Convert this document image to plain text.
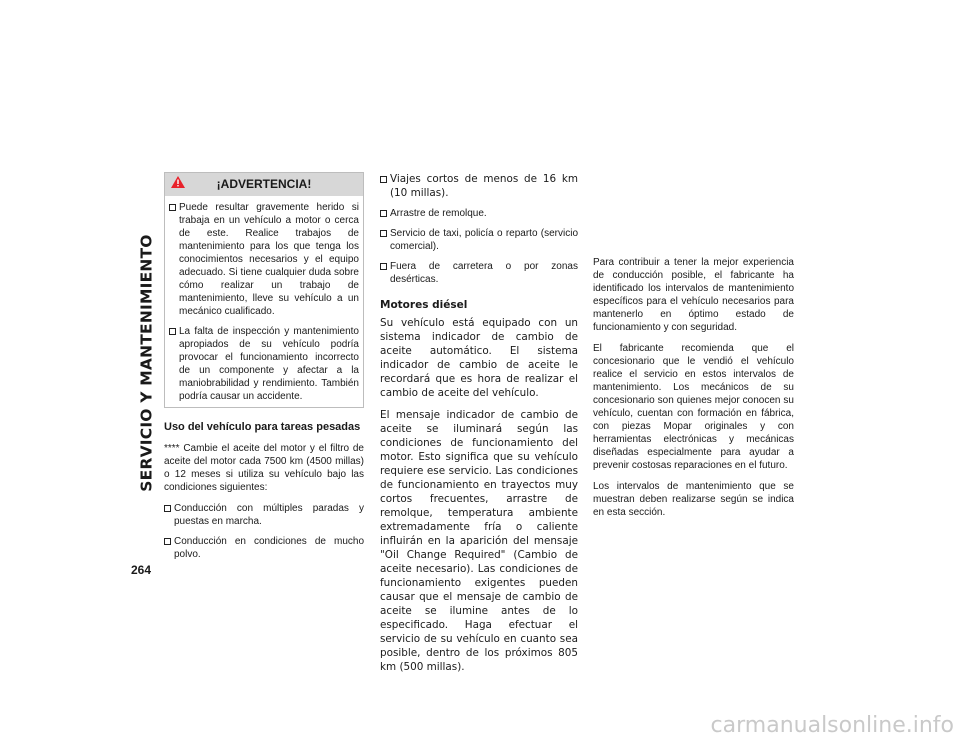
SERVICIO Y MANTENIMIENTO
264
¡ADVERTENCIA!
Puede resultar gravemente herido si trabaja en un vehículo a motor o cerca de este. Realice trabajos de mantenimiento para los que tenga los conocimientos necesarios y el equipo adecuado. Si tiene cualquier duda sobre cómo realizar un trabajo de mantenimiento, lleve su vehículo a un mecánico cualificado.
La falta de inspección y mantenimiento apropiados de su vehículo podría provocar el funcionamiento incorrecto de un componente y afectar a la maniobrabilidad y rendimiento. También podría causar un accidente.
Uso del vehículo para tareas pesadas

**** Cambie el aceite del motor y el filtro de aceite del motor cada 7500 km (4500 millas) o 12 meses si utiliza su vehículo bajo las condiciones siguientes:

Conducción con múltiples paradas y puestas en marcha.
Conducción en condiciones de mucho polvo.
Viajes cortos de menos de 16 km (10 millas).
Arrastre de remolque.
Servicio de taxi, policía o reparto (servicio comercial).
Fuera de carretera o por zonas desérticas.
Motores diésel

Su vehículo está equipado con un sistema indicador de cambio de aceite automático. El sistema indicador de cambio de aceite le recordará que es hora de realizar el cambio de aceite del vehículo.

El mensaje indicador de cambio de aceite se iluminará según las condiciones de funcionamiento del motor. Esto significa que su vehículo requiere ese servicio. Las condiciones de funcionamiento en trayectos muy cortos frecuentes, arrastre de remolque, temperatura ambiente extremadamente fría o caliente influirán en la aparición del mensaje "Oil Change Required" (Cambio de aceite necesario). Las condiciones de funcionamiento exigentes pueden causar que el mensaje de cambio de aceite se ilumine antes de lo especificado. Haga efectuar el servicio de su vehículo en cuanto sea posible, dentro de los próximos 805 km (500 millas).

Para contribuir a tener la mejor experiencia de conducción posible, el fabricante ha identificado los intervalos de mantenimiento específicos para el vehículo necesarios para mantenerlo en óptimo estado de funcionamiento y con seguridad.

El fabricante recomienda que el concesionario que le vendió el vehículo realice el servicio en estos intervalos de mantenimiento. Los mecánicos de su concesionario son quienes mejor conocen su vehículo, cuentan con formación en fábrica, con piezas Mopar originales y con herramientas electrónicas y mecánicas diseñadas especialmente para ayudar a prevenir costosas reparaciones en el futuro.

Los intervalos de mantenimiento que se muestran deben realizarse según se indica en esta sección.

carmanualsonline.info
